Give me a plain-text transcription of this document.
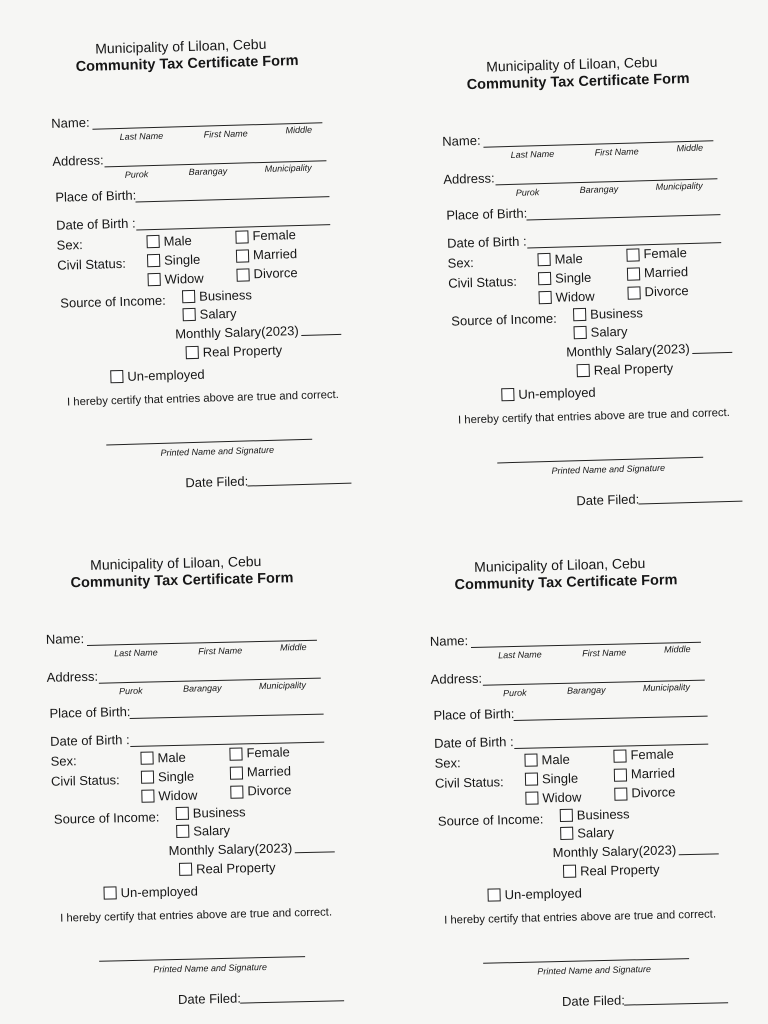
Municipality of Liloan, Cebu
Community Tax Certificate Form
Name:
Last Name	First Name	Middle
Address:
Purok	Barangay	Municipality
Place of Birth:
Date of Birth :
Sex:	Male	Female
Civil Status:	Single	Married
Widow	Divorce
Source of Income:	Business
Salary
Monthly Salary(2023)
Real Property
Un-employed
I hereby certify that entries above are true and correct.
Printed Name and Signature
Date Filed:
Municipality of Liloan, Cebu
Community Tax Certificate Form
Name:
Last Name	First Name	Middle
Address:
Purok	Barangay	Municipality
Place of Birth:
Date of Birth :
Sex:	Male	Female
Civil Status:	Single	Married
Widow	Divorce
Source of Income:	Business
Salary
Monthly Salary(2023)
Real Property
Un-employed
I hereby certify that entries above are true and correct.
Printed Name and Signature
Date Filed:
Municipality of Liloan, Cebu
Community Tax Certificate Form
Name:
Last Name	First Name	Middle
Address:
Purok	Barangay	Municipality
Place of Birth:
Date of Birth :
Sex:	Male	Female
Civil Status:	Single	Married
Widow	Divorce
Source of Income:	Business
Salary
Monthly Salary(2023)
Real Property
Un-employed
I hereby certify that entries above are true and correct.
Printed Name and Signature
Date Filed:
Municipality of Liloan, Cebu
Community Tax Certificate Form
Name:
Last Name	First Name	Middle
Address:
Purok	Barangay	Municipality
Place of Birth:
Date of Birth :
Sex:	Male	Female
Civil Status:	Single	Married
Widow	Divorce
Source of Income:	Business
Salary
Monthly Salary(2023)
Real Property
Un-employed
I hereby certify that entries above are true and correct.
Printed Name and Signature
Date Filed:
